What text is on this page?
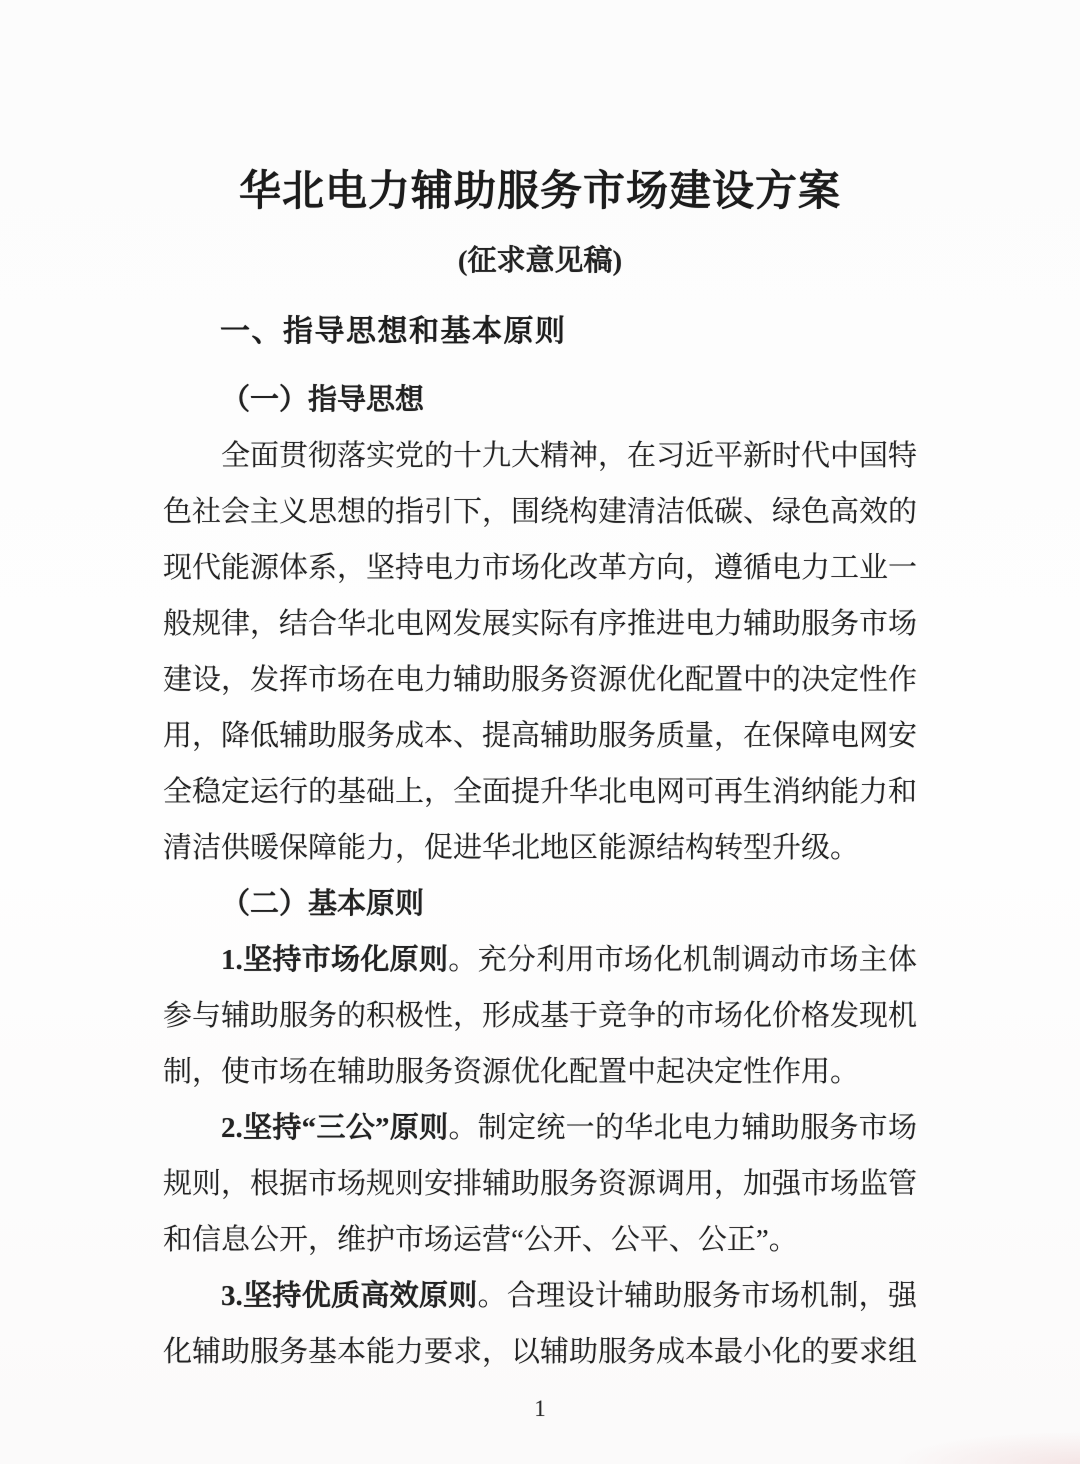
华北电力辅助服务市场建设方案
(征求意见稿)
一、指导思想和基本原则
（一）指导思想

全面贯彻落实党的十九大精神，在习近平新时代中国特色社会主义思想的指引下，围绕构建清洁低碳、绿色高效的现代能源体系，坚持电力市场化改革方向，遵循电力工业一般规律，结合华北电网发展实际有序推进电力辅助服务市场建设，发挥市场在电力辅助服务资源优化配置中的决定性作用，降低辅助服务成本、提高辅助服务质量，在保障电网安全稳定运行的基础上，全面提升华北电网可再生消纳能力和清洁供暖保障能力，促进华北地区能源结构转型升级。

（二）基本原则

1.坚持市场化原则。充分利用市场化机制调动市场主体参与辅助服务的积极性，形成基于竞争的市场化价格发现机制，使市场在辅助服务资源优化配置中起决定性作用。

2.坚持“三公”原则。制定统一的华北电力辅助服务市场规则，根据市场规则安排辅助服务资源调用，加强市场监管和信息公开，维护市场运营“公开、公平、公正”。

3.坚持优质高效原则。合理设计辅助服务市场机制，强化辅助服务基本能力要求，以辅助服务成本最小化的要求组

1
